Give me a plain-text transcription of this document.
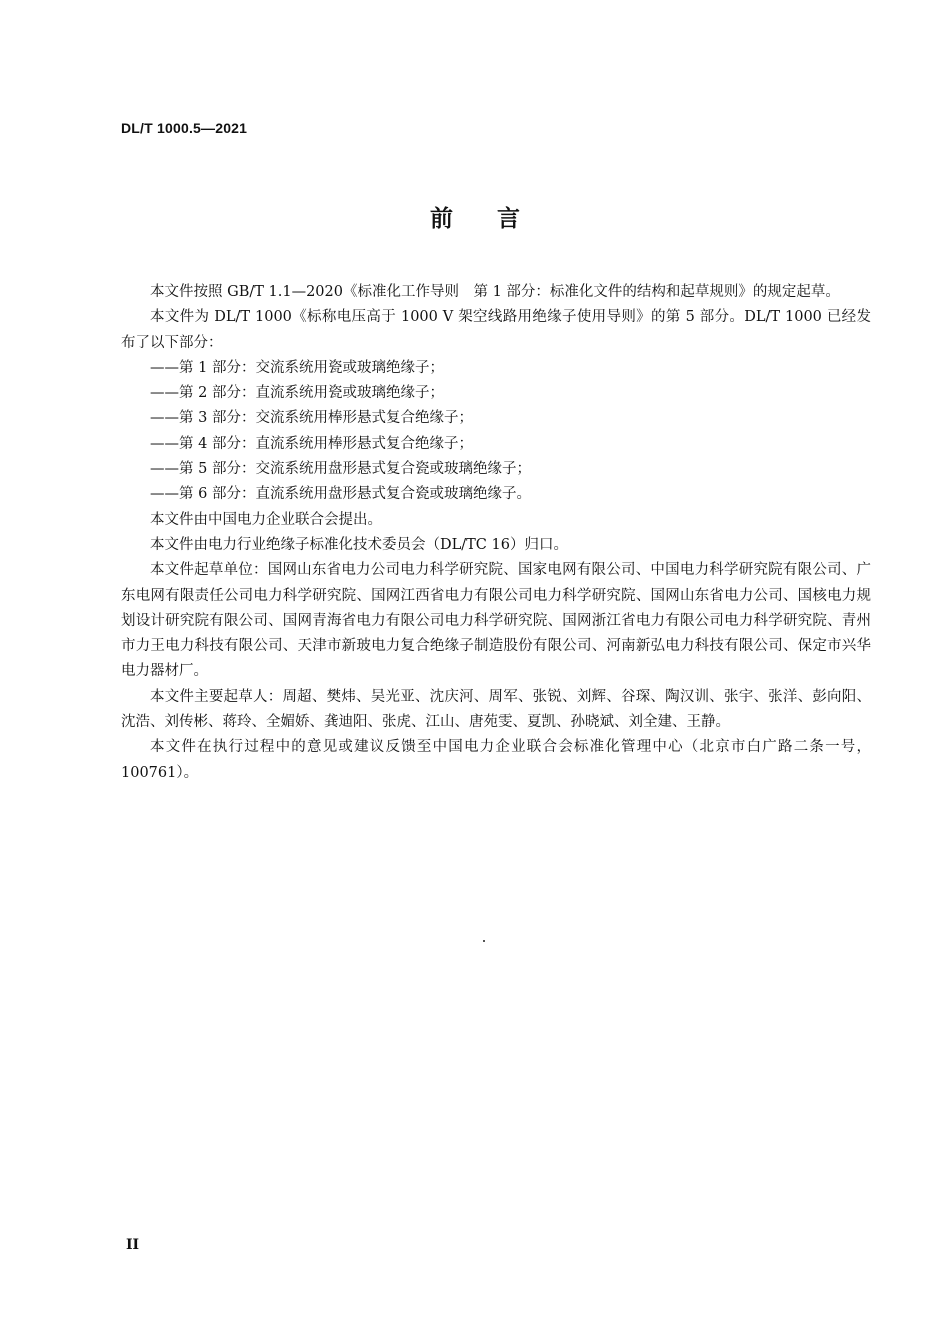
DL/T 1000.5—2021
前言

本文件按照 GB/T 1.1—2020《标准化工作导则　第 1 部分：标准化文件的结构和起草规则》的规定起草。

本文件为 DL/T 1000《标称电压高于 1000 V 架空线路用绝缘子使用导则》的第 5 部分。DL/T 1000 已经发布了以下部分：

——第 1 部分：交流系统用瓷或玻璃绝缘子；

——第 2 部分：直流系统用瓷或玻璃绝缘子；

——第 3 部分：交流系统用棒形悬式复合绝缘子；

——第 4 部分：直流系统用棒形悬式复合绝缘子；

——第 5 部分：交流系统用盘形悬式复合瓷或玻璃绝缘子；

——第 6 部分：直流系统用盘形悬式复合瓷或玻璃绝缘子。

本文件由中国电力企业联合会提出。

本文件由电力行业绝缘子标准化技术委员会（DL/TC 16）归口。

本文件起草单位：国网山东省电力公司电力科学研究院、国家电网有限公司、中国电力科学研究院有限公司、广东电网有限责任公司电力科学研究院、国网江西省电力有限公司电力科学研究院、国网山东省电力公司、国核电力规划设计研究院有限公司、国网青海省电力有限公司电力科学研究院、国网浙江省电力有限公司电力科学研究院、青州市力王电力科技有限公司、天津市新玻电力复合绝缘子制造股份有限公司、河南新弘电力科技有限公司、保定市兴华电力器材厂。

本文件主要起草人：周超、樊炜、吴光亚、沈庆河、周军、张锐、刘辉、谷琛、陶汉训、张宇、张洋、彭向阳、沈浩、刘传彬、蒋玲、全媚娇、龚迪阳、张虎、江山、唐苑雯、夏凯、孙晓斌、刘全建、王静。

本文件在执行过程中的意见或建议反馈至中国电力企业联合会标准化管理中心（北京市白广路二条一号，100761）。

II
